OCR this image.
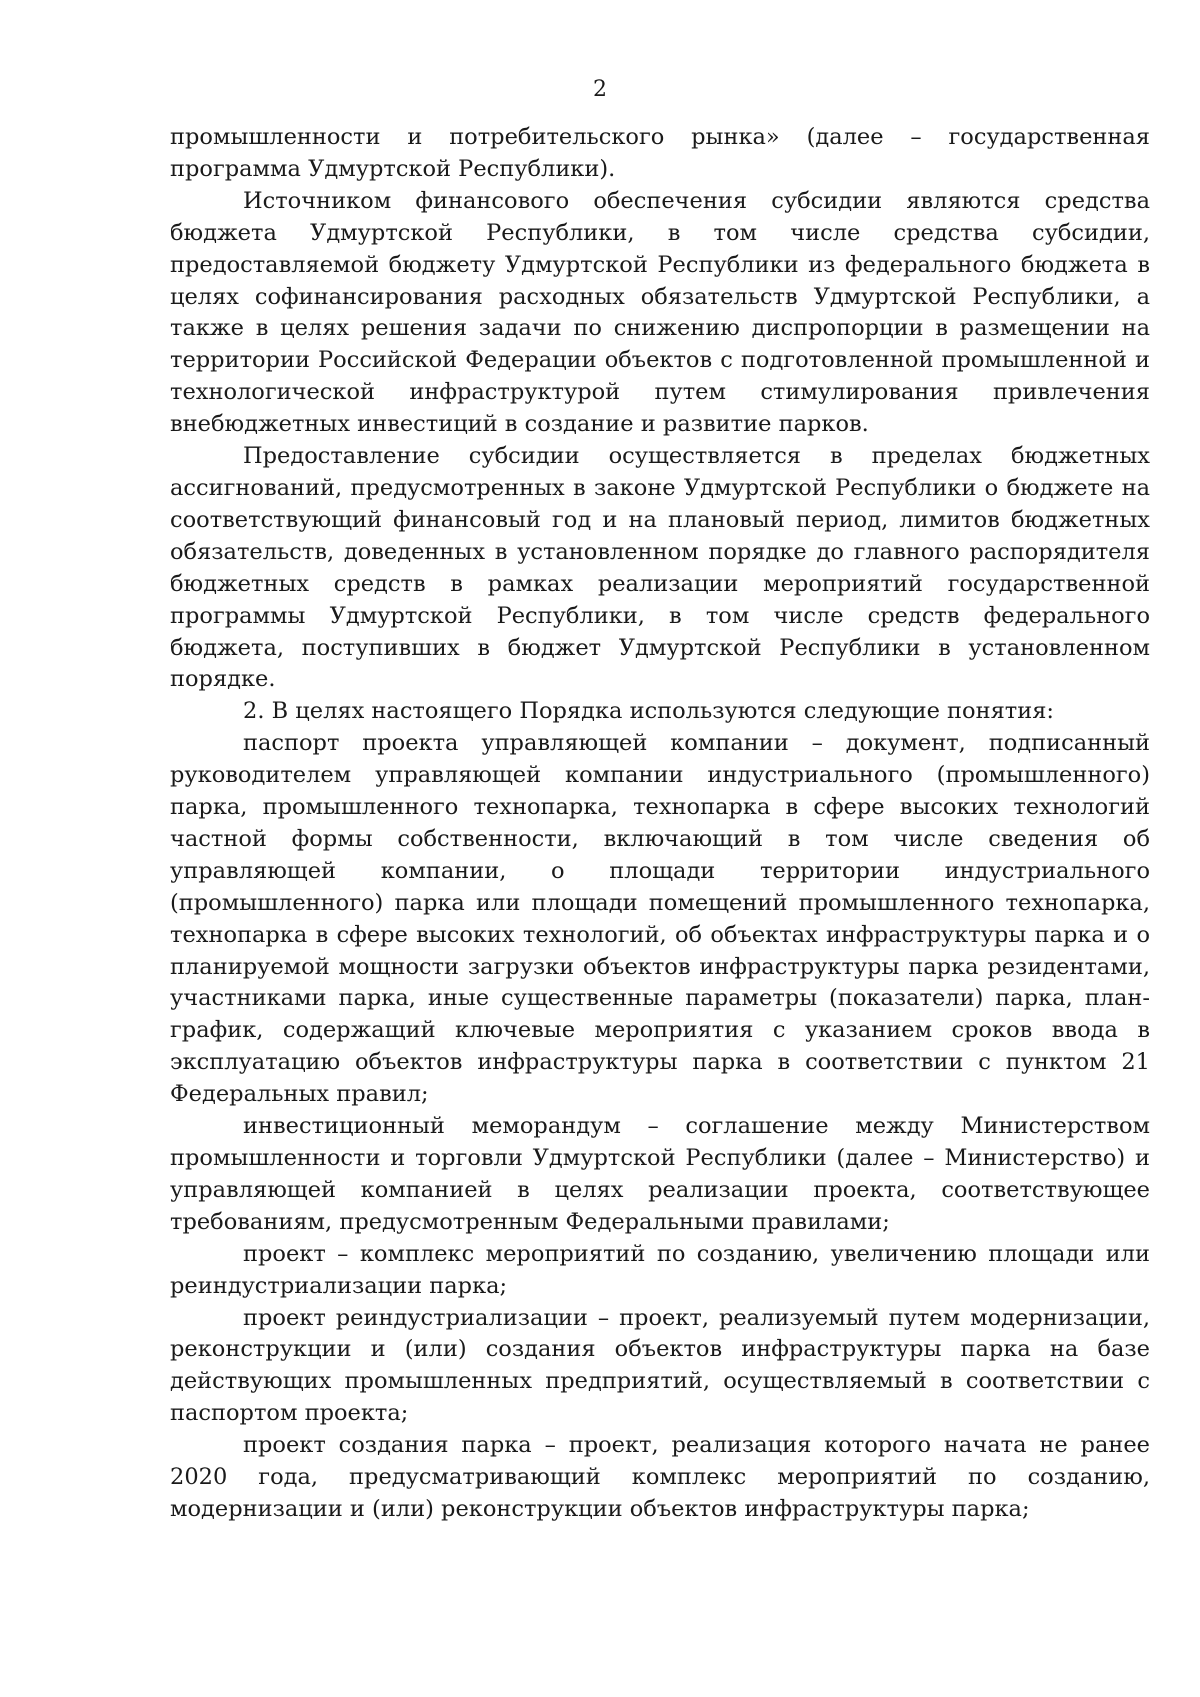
2

промышленности и потребительского рынка» (далее – государственная программа Удмуртской Республики).

Источником финансового обеспечения субсидии являются средства бюджета Удмуртской Республики, в том числе средства субсидии, предоставляемой бюджету Удмуртской Республики из федерального бюджета в целях софинансирования расходных обязательств Удмуртской Республики, а также в целях решения задачи по снижению диспропорции в размещении на территории Российской Федерации объектов с подготовленной промышленной и технологической инфраструктурой путем стимулирования привлечения внебюджетных инвестиций в создание и развитие парков.

Предоставление субсидии осуществляется в пределах бюджетных ассигнований, предусмотренных в законе Удмуртской Республики о бюджете на соответствующий финансовый год и на плановый период, лимитов бюджетных обязательств, доведенных в установленном порядке до главного распорядителя бюджетных средств в рамках реализации мероприятий государственной программы Удмуртской Республики, в том числе средств федерального бюджета, поступивших в бюджет Удмуртской Республики в установленном порядке.

2. В целях настоящего Порядка используются следующие понятия:

паспорт проекта управляющей компании – документ, подписанный руководителем управляющей компании индустриального (промышленного) парка, промышленного технопарка, технопарка в сфере высоких технологий частной формы собственности, включающий в том числе сведения об управляющей компании, о площади территории индустриального (промышленного) парка или площади помещений промышленного технопарка, технопарка в сфере высоких технологий, об объектах инфраструктуры парка и о планируемой мощности загрузки объектов инфраструктуры парка резидентами, участниками парка, иные существенные параметры (показатели) парка, план-график, содержащий ключевые мероприятия с указанием сроков ввода в эксплуатацию объектов инфраструктуры парка в соответствии с пунктом 21 Федеральных правил;

инвестиционный меморандум – соглашение между Министерством промышленности и торговли Удмуртской Республики (далее – Министерство) и управляющей компанией в целях реализации проекта, соответствующее требованиям, предусмотренным Федеральными правилами;

проект – комплекс мероприятий по созданию, увеличению площади или реиндустриализации парка;

проект реиндустриализации – проект, реализуемый путем модернизации, реконструкции и (или) создания объектов инфраструктуры парка на базе действующих промышленных предприятий, осуществляемый в соответствии с паспортом проекта;

проект создания парка – проект, реализация которого начата не ранее 2020 года, предусматривающий комплекс мероприятий по созданию, модернизации и (или) реконструкции объектов инфраструктуры парка;
